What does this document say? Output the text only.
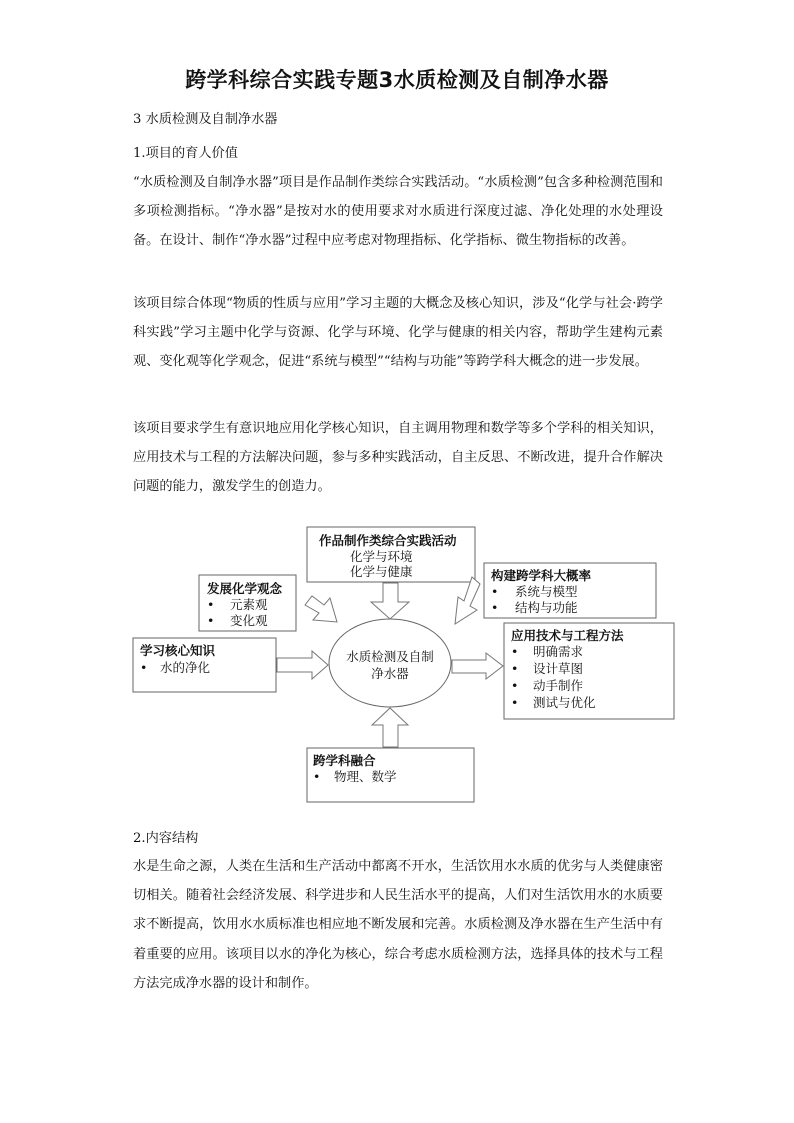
跨学科综合实践专题3水质检测及自制净水器

3 水质检测及自制净水器

1.项目的育人价值

“水质检测及自制净水器”项目是作品制作类综合实践活动。“水质检测”包含多种检测范围和多项检测指标。“净水器”是按对水的使用要求对水质进行深度过滤、净化处理的水处理设备。在设计、制作“净水器”过程中应考虑对物理指标、化学指标、微生物指标的改善。

该项目综合体现“物质的性质与应用”学习主题的大概念及核心知识，涉及“化学与社会·跨学科实践”学习主题中化学与资源、化学与环境、化学与健康的相关内容，帮助学生建构元素观、变化观等化学观念，促进“系统与模型”“结构与功能”等跨学科大概念的进一步发展。

该项目要求学生有意识地应用化学核心知识，自主调用物理和数学等多个学科的相关知识，应用技术与工程的方法解决问题，参与多种实践活动，自主反思、不断改进，提升合作解决问题的能力，激发学生的创造力。

作品制作类综合实践活动
化学与环境
化学与健康
发展化学观念
• 元素观
• 变化观
学习核心知识
• 水的净化
构建跨学科大概率
• 系统与模型
• 结构与功能
应用技术与工程方法
• 明确需求
• 设计草图
• 动手制作
• 测试与优化
跨学科融合
• 物理、数学
水质检测及自制
净水器

2.内容结构

水是生命之源，人类在生活和生产活动中都离不开水，生活饮用水水质的优劣与人类健康密切相关。随着社会经济发展、科学进步和人民生活水平的提高，人们对生活饮用水的水质要求不断提高，饮用水水质标准也相应地不断发展和完善。水质检测及净水器在生产生活中有着重要的应用。该项目以水的净化为核心，综合考虑水质检测方法，选择具体的技术与工程方法完成净水器的设计和制作。
